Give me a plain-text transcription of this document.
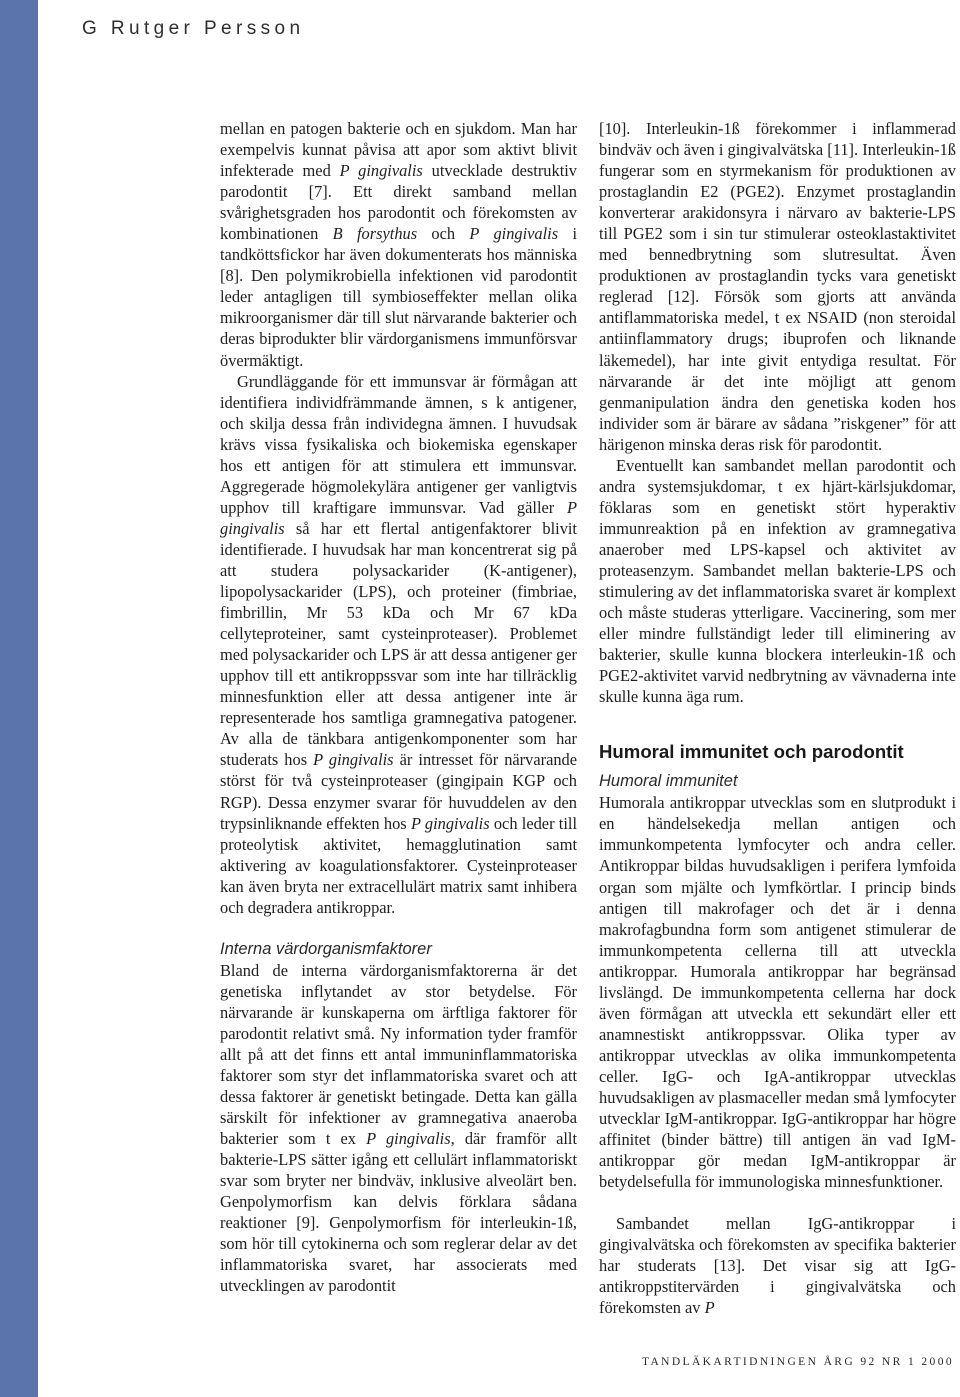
G Rutger Persson

mellan en patogen bakterie och en sjukdom. Man har exempelvis kunnat påvisa att apor som aktivt blivit infekterade med P gingivalis utvecklade destruktiv parodontit [7]. Ett direkt samband mellan svårighetsgraden hos parodontit och förekomsten av kombinationen B forsythus och P gingivalis i tandköttsfickor har även dokumenterats hos människa [8]. Den polymikrobiella infektionen vid parodontit leder antagligen till symbioseffekter mellan olika mikroorganismer där till slut närvarande bakterier och deras biprodukter blir värdorganismens immunförsvar övermäktigt.

Grundläggande för ett immunsvar är förmågan att identifiera individfrämmande ämnen, s k antigener, och skilja dessa från individegna ämnen. I huvudsak krävs vissa fysikaliska och biokemiska egenskaper hos ett antigen för att stimulera ett immunsvar. Aggregerade högmolekylära antigener ger vanligtvis upphov till kraftigare immunsvar. Vad gäller P gingivalis så har ett flertal antigenfaktorer blivit identifierade. I huvudsak har man koncentrerat sig på att studera polysackarider (K-antigener), lipopolysackarider (LPS), och proteiner (fimbriae, fimbrillin, Mr 53 kDa och Mr 67 kDa cellyteproteiner, samt cysteinproteaser). Problemet med polysackarider och LPS är att dessa antigener ger upphov till ett antikroppssvar som inte har tillräcklig minnesfunktion eller att dessa antigener inte är representerade hos samtliga gramnegativa patogener. Av alla de tänkbara antigenkomponenter som har studerats hos P gingivalis är intresset för närvarande störst för två cysteinproteaser (gingipain KGP och RGP). Dessa enzymer svarar för huvuddelen av den trypsinliknande effekten hos P gingivalis och leder till proteolytisk aktivitet, hemagglutination samt aktivering av koagulationsfaktorer. Cysteinproteaser kan även bryta ner extracellulärt matrix samt inhibera och degradera antikroppar.

Interna värdorganismfaktorer

Bland de interna värdorganismfaktorerna är det genetiska inflytandet av stor betydelse. För närvarande är kunskaperna om ärftliga faktorer för parodontit relativt små. Ny information tyder framför allt på att det finns ett antal immuninflammatoriska faktorer som styr det inflammatoriska svaret och att dessa faktorer är genetiskt betingade. Detta kan gälla särskilt för infektioner av gramnegativa anaeroba bakterier som t ex P gingivalis, där framför allt bakterie-LPS sätter igång ett cellulärt inflammatoriskt svar som bryter ner bindväv, inklusive alveolärt ben. Genpolymorfism kan delvis förklara sådana reaktioner [9]. Genpolymorfism för interleukin-1ß, som hör till cytokinerna och som reglerar delar av det inflammatoriska svaret, har associerats med utvecklingen av parodontit

[10]. Interleukin-1ß förekommer i inflammerad bindväv och även i gingivalvätska [11]. Interleukin-1ß fungerar som en styrmekanism för produktionen av prostaglandin E2 (PGE2). Enzymet prostaglandin konverterar arakidonsyra i närvaro av bakterie-LPS till PGE2 som i sin tur stimulerar osteoklastaktivitet med bennedbrytning som slutresultat. Även produktionen av prostaglandin tycks vara genetiskt reglerad [12]. Försök som gjorts att använda antiflammatoriska medel, t ex NSAID (non steroidal antiinflammatory drugs; ibuprofen och liknande läkemedel), har inte givit entydiga resultat. För närvarande är det inte möjligt att genom genmanipulation ändra den genetiska koden hos individer som är bärare av sådana ”riskgener” för att härigenon minska deras risk för parodontit.

Eventuellt kan sambandet mellan parodontit och andra systemsjukdomar, t ex hjärt-kärlsjukdomar, föklaras som en genetiskt stört hyperaktiv immunreaktion på en infektion av gramnegativa anaerober med LPS-kapsel och aktivitet av proteasenzym. Sambandet mellan bakterie-LPS och stimulering av det inflammatoriska svaret är komplext och måste studeras ytterligare. Vaccinering, som mer eller mindre fullständigt leder till eliminering av bakterier, skulle kunna blockera interleukin-1ß och PGE2-aktivitet varvid nedbrytning av vävnaderna inte skulle kunna äga rum.

Humoral immunitet och parodontit
Humoral immunitet

Humorala antikroppar utvecklas som en slutprodukt i en händelsekedja mellan antigen och immunkompetenta lymfocyter och andra celler. Antikroppar bildas huvudsakligen i perifera lymfoida organ som mjälte och lymfkörtlar. I princip binds antigen till makrofager och det är i denna makrofagbundna form som antigenet stimulerar de immunkompetenta cellerna till att utveckla antikroppar. Humorala antikroppar har begränsad livslängd. De immunkompetenta cellerna har dock även förmågan att utveckla ett sekundärt eller ett anamnestiskt antikroppssvar. Olika typer av antikroppar utvecklas av olika immunkompetenta celler. IgG- och IgA-antikroppar utvecklas huvudsakligen av plasmaceller medan små lymfocyter utvecklar IgM-antikroppar. IgG-antikroppar har högre affinitet (binder bättre) till antigen än vad IgM-antikroppar gör medan IgM-antikroppar är betydelsefulla för immunologiska minnesfunktioner.

Sambandet mellan IgG-antikroppar i gingivalvätska och förekomsten av specifika bakterier har studerats [13]. Det visar sig att IgG-antikroppstitervärden i gingivalvätska och förekomsten av P

TANDLÄKARTIDNINGEN ÅRG 92 NR 1 2000
